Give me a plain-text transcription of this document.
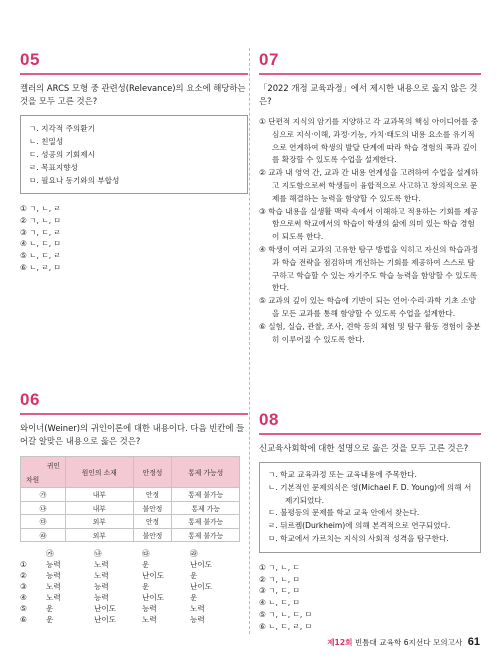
05
켈러의 ARCS 모형 중 관련성(Relevance)의 요소에 해당하는 것을 모두 고른 것은?
ㄱ. 지각적 주의환기
ㄴ. 친밀성
ㄷ. 성공의 기회제시
ㄹ. 목표지향성
ㅁ. 필요나 동기와의 부합성
① ㄱ, ㄴ, ㄹ
② ㄱ, ㄴ, ㅁ
③ ㄱ, ㄷ, ㄹ
④ ㄴ, ㄷ, ㅁ
⑤ ㄴ, ㄷ, ㄹ
⑥ ㄴ, ㄹ, ㅁ
06
와이너(Weiner)의 귀인이론에 대한 내용이다. 다음 빈칸에 들어갈 알맞은 내용으로 옳은 것은?
귀인
차원	원인의 소재	안정성	통제 가능성
㉮	내부	안정	통제 불가능
㉯	내부	불안정	통제 가능
㉰	외부	안정	통제 불가능
㉱	외부	불안정	통제 불가능
	㉮	㉯	㉰	㉱
①	능력	노력	운	난이도
②	능력	노력	난이도	운
③	노력	능력	운	난이도
④	노력	능력	난이도	운
⑤	운	난이도	능력	노력
⑥	운	난이도	노력	능력
07
「2022 개정 교육과정」에서 제시한 내용으로 옳지 않은 것은?
① 단편적 지식의 암기를 지양하고 각 교과목의 핵심 아이디어를 중심으로 지식·이해, 과정·기능, 가치·태도의 내용 요소를 유기적으로 연계하여 학생의 발달 단계에 따라 학습 경험의 폭과 깊이를 확장할 수 있도록 수업을 설계한다.
② 교과 내 영역 간, 교과 간 내용 연계성을 고려하여 수업을 설계하고 지도함으로써 학생들이 융합적으로 사고하고 창의적으로 문제를 해결하는 능력을 함양할 수 있도록 한다.
③ 학습 내용을 실생활 맥락 속에서 이해하고 적용하는 기회를 제공함으로써 학교에서의 학습이 학생의 삶에 의미 있는 학습 경험이 되도록 한다.
④ 학생이 여러 교과의 고유한 탐구 방법을 익히고 자신의 학습과정과 학습 전략을 점검하며 개선하는 기회를 제공하여 스스로 탐구하고 학습할 수 있는 자기주도 학습 능력을 함양할 수 있도록 한다.
⑤ 교과의 깊이 있는 학습에 기반이 되는 언어·수리·과학 기초 소양을 모든 교과를 통해 함양할 수 있도록 수업을 설계한다.
⑥ 실험, 실습, 관찰, 조사, 견학 등의 체험 및 탐구 활동 경험이 충분히 이루어질 수 있도록 한다.
08
신교육사회학에 대한 설명으로 옳은 것을 모두 고른 것은?
ㄱ. 학교 교육과정 또는 교육내용에 주목한다.
ㄴ. 기본적인 문제의식은 영(Michael F. D. Young)에 의해 서 제기되었다.
ㄷ. 불평등의 문제를 학교 교육 안에서 찾는다.
ㄹ. 뒤르켐(Durkheim)에 의해 본격적으로 연구되었다.
ㅁ. 학교에서 가르치는 지식의 사회적 성격을 탐구한다.
① ㄱ, ㄴ, ㄷ
② ㄱ, ㄴ, ㅁ
③ ㄱ, ㄷ, ㅁ
④ ㄴ, ㄷ, ㅁ
⑤ ㄱ, ㄴ, ㄷ, ㅁ
⑥ ㄴ, ㄷ, ㄹ, ㅁ
제12회 빈틈대 교육학 6지선다 모의고사 61
